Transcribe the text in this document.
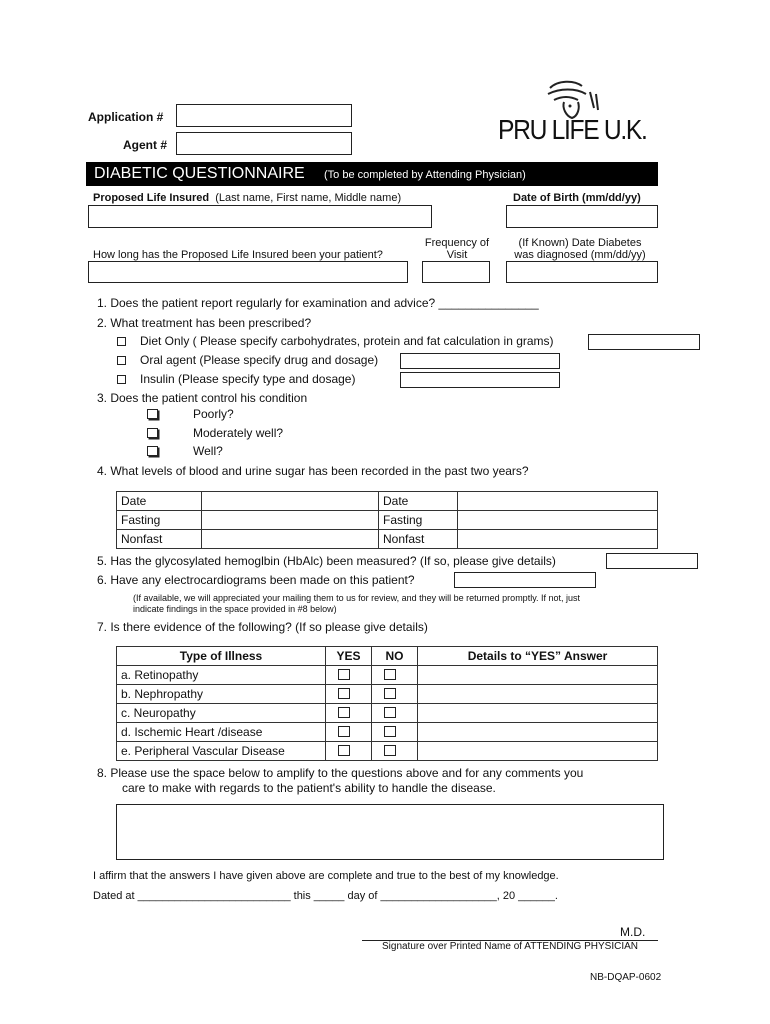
Application #
Agent #	PRU LIFE U.K.
DIABETIC QUESTIONNAIRE (To be completed by Attending Physician)
Proposed Life Insured (Last name, First name, Middle name)	Date of Birth (mm/dd/yy)
Frequency of
Visit
(If Known) Date Diabetes
was diagnosed (mm/dd/yy)
How long has the Proposed Life Insured been your patient?
1. Does the patient report regularly for examination and advice? _______________
2. What treatment has been prescribed?
Diet Only ( Please specify carbohydrates, protein and fat calculation in grams)
Oral agent (Please specify drug and dosage)
Insulin (Please specify type and dosage)
3. Does the patient control his condition
Poorly?
Moderately well?
Well?
4. What levels of blood and urine sugar has been recorded in the past two years?
Date		Date	
Fasting		Fasting	
Nonfast		Nonfast	
5. Has the glycosylated hemoglbin (HbAlc) been measured? (If so, please give details)
6. Have any electrocardiograms been made on this patient?
(If available, we will appreciated your mailing them to us for review, and they will be returned promptly. If not, just
indicate findings in the space provided in #8 below)
7. Is there evidence of the following? (If so please give details)
Type of Illness	YES	NO	Details to “YES” Answer
a. Retinopathy	

b. Nephropathy	

c. Neuropathy	

d. Ischemic Heart /disease	

e. Peripheral Vascular Disease	

8. Please use the space below to amplify to the questions above and for any comments you
care to make with regards to the patient's ability to handle the disease.
I affirm that the answers I have given above are complete and true to the best of my knowledge.
Dated at _________________________ this _____ day of ___________________, 20 ______.
M.D.
Signature over Printed Name of ATTENDING PHYSICIAN
NB-DQAP-0602
